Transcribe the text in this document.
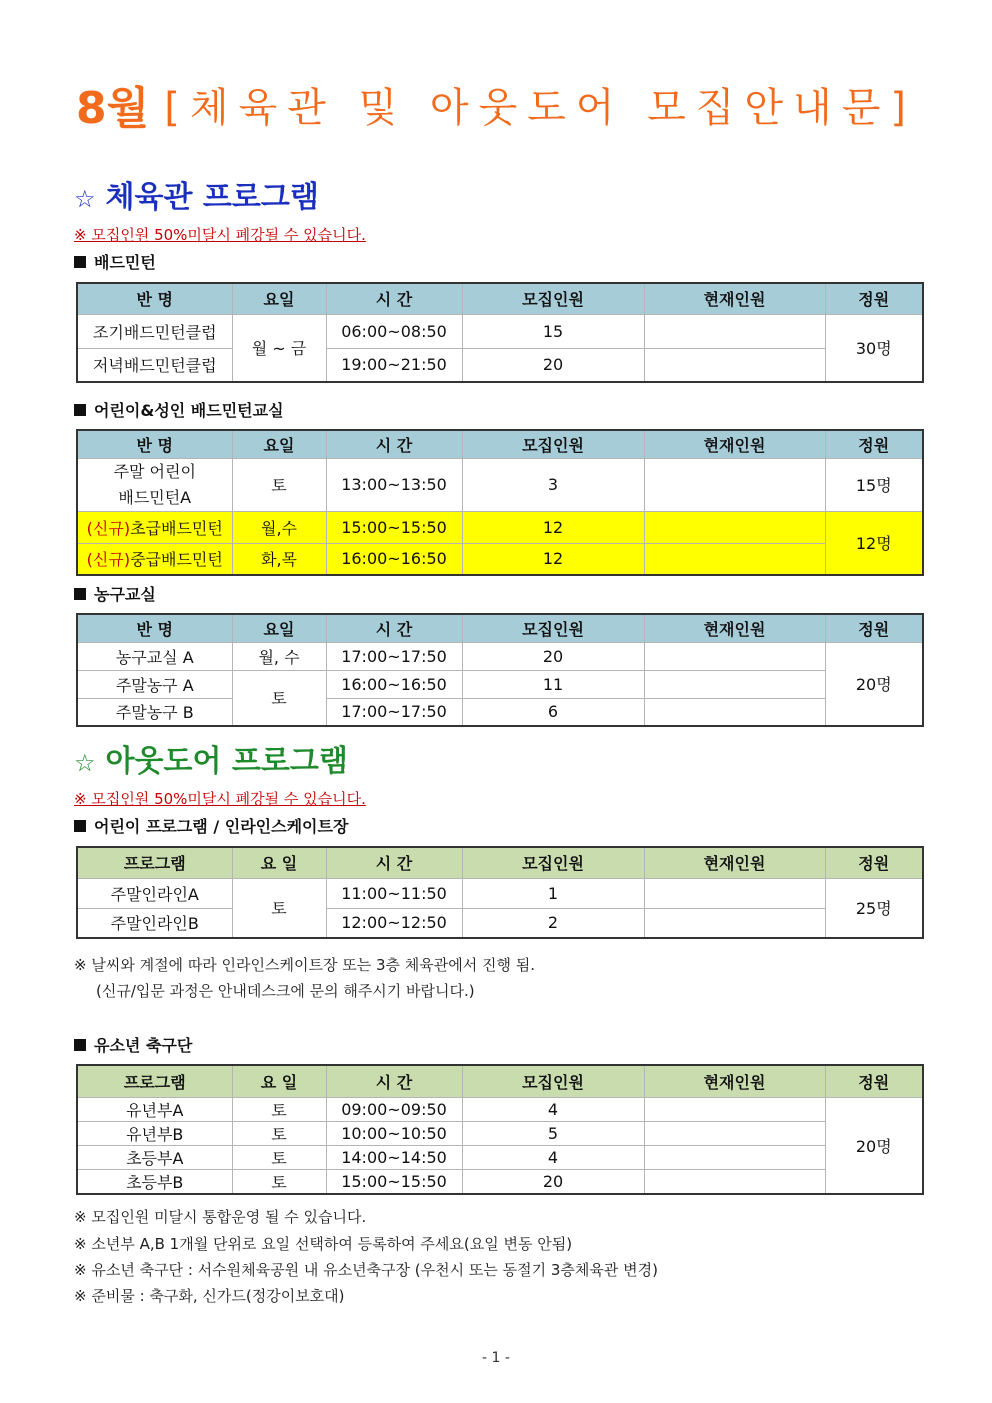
8월 [체육관 및 아웃도어 모집안내문]
☆ 체육관 프로그램
※ 모집인원 50%미달시 폐강될 수 있습니다.
배드민턴
반 명	요일	시 간	모집인원	현재인원	정원
조기배드민턴클럽	월 ~ 금	06:00~08:50	15		30명
저녁배드민턴클럽		19:00~21:50	20		
어린이&성인 배드민턴교실
반 명	요일	시 간	모집인원	현재인원	정원

주말 어린이
배드민턴A	토	13:00~13:50	3		15명
(신규)초급배드민턴	월,수	15:00~15:50	12		12명
(신규)중급배드민턴	화,목	16:00~16:50	12		
농구교실
반 명	요일	시 간	모집인원	현재인원	정원
농구교실 A	월, 수	17:00~17:50	20		20명
주말농구 A	토	16:00~16:50	11		
주말농구 B		17:00~17:50	6		
☆ 아웃도어 프로그램
※ 모집인원 50%미달시 폐강될 수 있습니다.
어린이 프로그램 / 인라인스케이트장
프로그램	요 일	시 간	모집인원	현재인원	정원
주말인라인A	토	11:00~11:50	1		25명
주말인라인B		12:00~12:50	2		
※ 날씨와 계절에 따라 인라인스케이트장 또는 3층 체육관에서 진행 됨.
(신규/입문 과정은 안내데스크에 문의 해주시기 바랍니다.)
유소년 축구단
프로그램	요 일	시 간	모집인원	현재인원	정원
유년부A	토	09:00~09:50	4		20명
유년부B	토	10:00~10:50	5		
초등부A	토	14:00~14:50	4		
초등부B	토	15:00~15:50	20		
※ 모집인원 미달시 통합운영 될 수 있습니다.
※ 소년부 A,B 1개월 단위로 요일 선택하여 등록하여 주세요(요일 변동 안됨)
※ 유소년 축구단 : 서수원체육공원 내 유소년축구장 (우천시 또는 동절기 3층체육관 변경)
※ 준비물 : 축구화, 신가드(정강이보호대)
- 1 -
